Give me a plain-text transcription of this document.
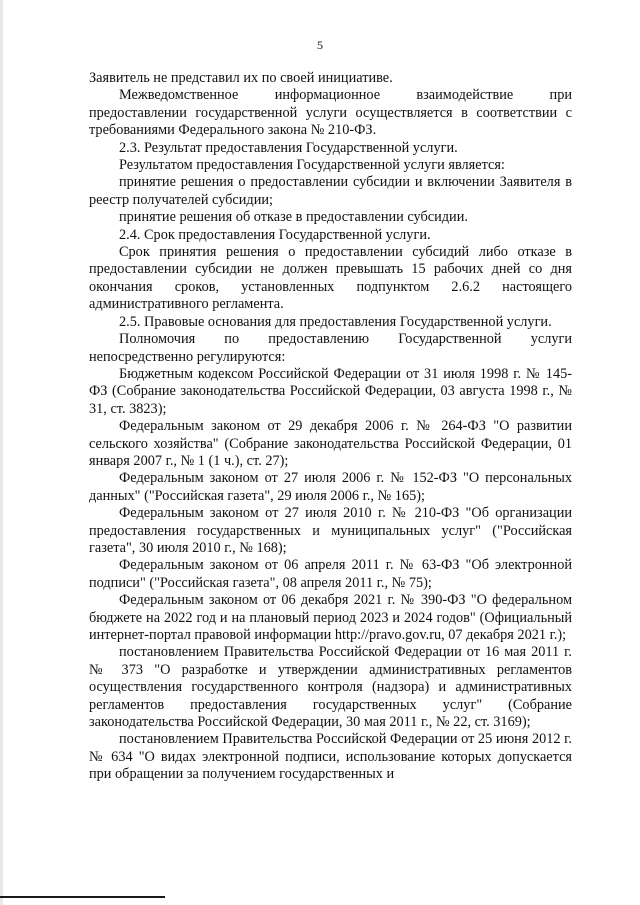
5

Заявитель не представил их по своей инициативе.

Межведомственное информационное взаимодействие при предоставлении государственной услуги осуществляется в соответствии с требованиями Федерального закона № 210-ФЗ.

2.3. Результат предоставления Государственной услуги.

Результатом предоставления Государственной услуги является:

принятие решения о предоставлении субсидии и включении Заявителя в реестр получателей субсидии;

принятие решения об отказе в предоставлении субсидии.

2.4. Срок предоставления Государственной услуги.

Срок принятия решения о предоставлении субсидий либо отказе в предоставлении субсидии не должен превышать 15 рабочих дней со дня окончания сроков, установленных подпунктом 2.6.2 настоящего административного регламента.

2.5. Правовые основания для предоставления Государственной услуги.

Полномочия по предоставлению Государственной услуги непосредственно регулируются:

Бюджетным кодексом Российской Федерации от 31 июля 1998 г. № 145-ФЗ (Собрание законодательства Российской Федерации, 03 августа 1998 г., № 31, ст. 3823);

Федеральным законом от 29 декабря 2006 г. № 264-ФЗ "О развитии сельского хозяйства" (Собрание законодательства Российской Федерации, 01 января 2007 г., № 1 (1 ч.), ст. 27);

Федеральным законом от 27 июля 2006 г. № 152-ФЗ "О персональных данных" ("Российская газета", 29 июля 2006 г., № 165);

Федеральным законом от 27 июля 2010 г. № 210-ФЗ "Об организации предоставления государственных и муниципальных услуг" ("Российская газета", 30 июля 2010 г., № 168);

Федеральным законом от 06 апреля 2011 г. № 63-ФЗ "Об электронной подписи" ("Российская газета", 08 апреля 2011 г., № 75);

Федеральным законом от 06 декабря 2021 г. № 390-ФЗ "О федеральном бюджете на 2022 год и на плановый период 2023 и 2024 годов" (Официальный интернет-портал правовой информации http://pravo.gov.ru, 07 декабря 2021 г.);

постановлением Правительства Российской Федерации от 16 мая 2011 г. № 373 "О разработке и утверждении административных регламентов осуществления государственного контроля (надзора) и административных регламентов предоставления государственных услуг" (Собрание законодательства Российской Федерации, 30 мая 2011 г., № 22, ст. 3169);

постановлением Правительства Российской Федерации от 25 июня 2012 г. № 634 "О видах электронной подписи, использование которых допускается при обращении за получением государственных и
